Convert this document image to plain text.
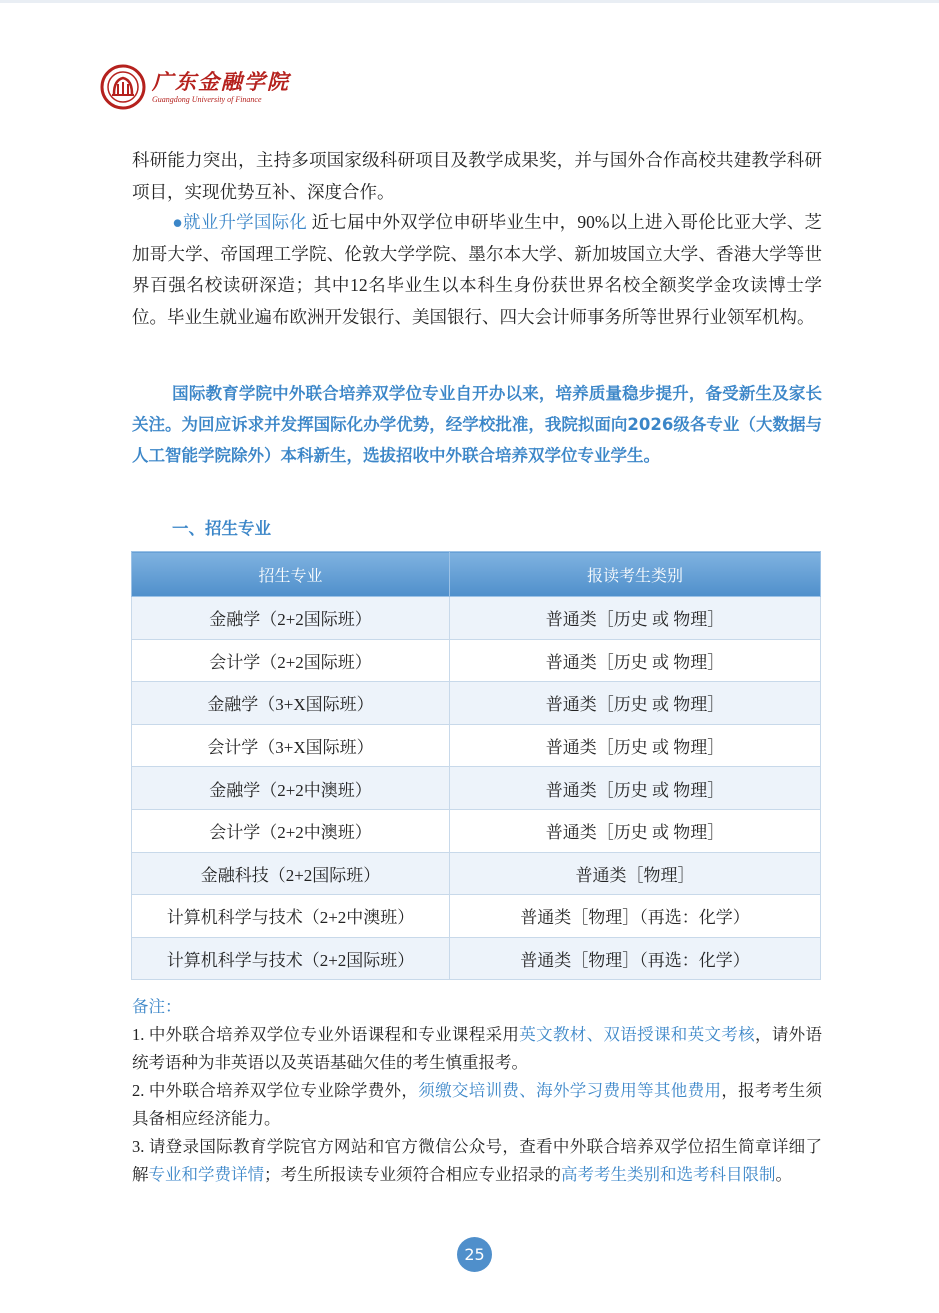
广东金融学院
Guangdong University of Finance

科研能力突出，主持多项国家级科研项目及教学成果奖，并与国外合作高校共建教学科研项目，实现优势互补、深度合作。

●就业升学国际化 近七届中外双学位申研毕业生中，90%以上进入哥伦比亚大学、芝加哥大学、帝国理工学院、伦敦大学学院、墨尔本大学、新加坡国立大学、香港大学等世界百强名校读研深造；其中12名毕业生以本科生身份获世界名校全额奖学金攻读博士学位。毕业生就业遍布欧洲开发银行、美国银行、四大会计师事务所等世界行业领军机构。

国际教育学院中外联合培养双学位专业自开办以来，培养质量稳步提升，备受新生及家长关注。为回应诉求并发挥国际化办学优势，经学校批准，我院拟面向2026级各专业（大数据与人工智能学院除外）本科新生，选拔招收中外联合培养双学位专业学生。

一、招生专业
招生专业	报读考生类别
金融学（2+2国际班）	普通类［历史 或 物理］
会计学（2+2国际班）	普通类［历史 或 物理］
金融学（3+X国际班）	普通类［历史 或 物理］
会计学（3+X国际班）	普通类［历史 或 物理］
金融学（2+2中澳班）	普通类［历史 或 物理］
会计学（2+2中澳班）	普通类［历史 或 物理］
金融科技（2+2国际班）	普通类［物理］
计算机科学与技术（2+2中澳班）	普通类［物理］（再选：化学）
计算机科学与技术（2+2国际班）	普通类［物理］（再选：化学）

备注：

1. 中外联合培养双学位专业外语课程和专业课程采用英文教材、双语授课和英文考核，请外语统考语种为非英语以及英语基础欠佳的考生慎重报考。

2. 中外联合培养双学位专业除学费外，须缴交培训费、海外学习费用等其他费用，报考考生须具备相应经济能力。

3. 请登录国际教育学院官方网站和官方微信公众号，查看中外联合培养双学位招生简章详细了解专业和学费详情；考生所报读专业须符合相应专业招录的高考考生类别和选考科目限制。

25
